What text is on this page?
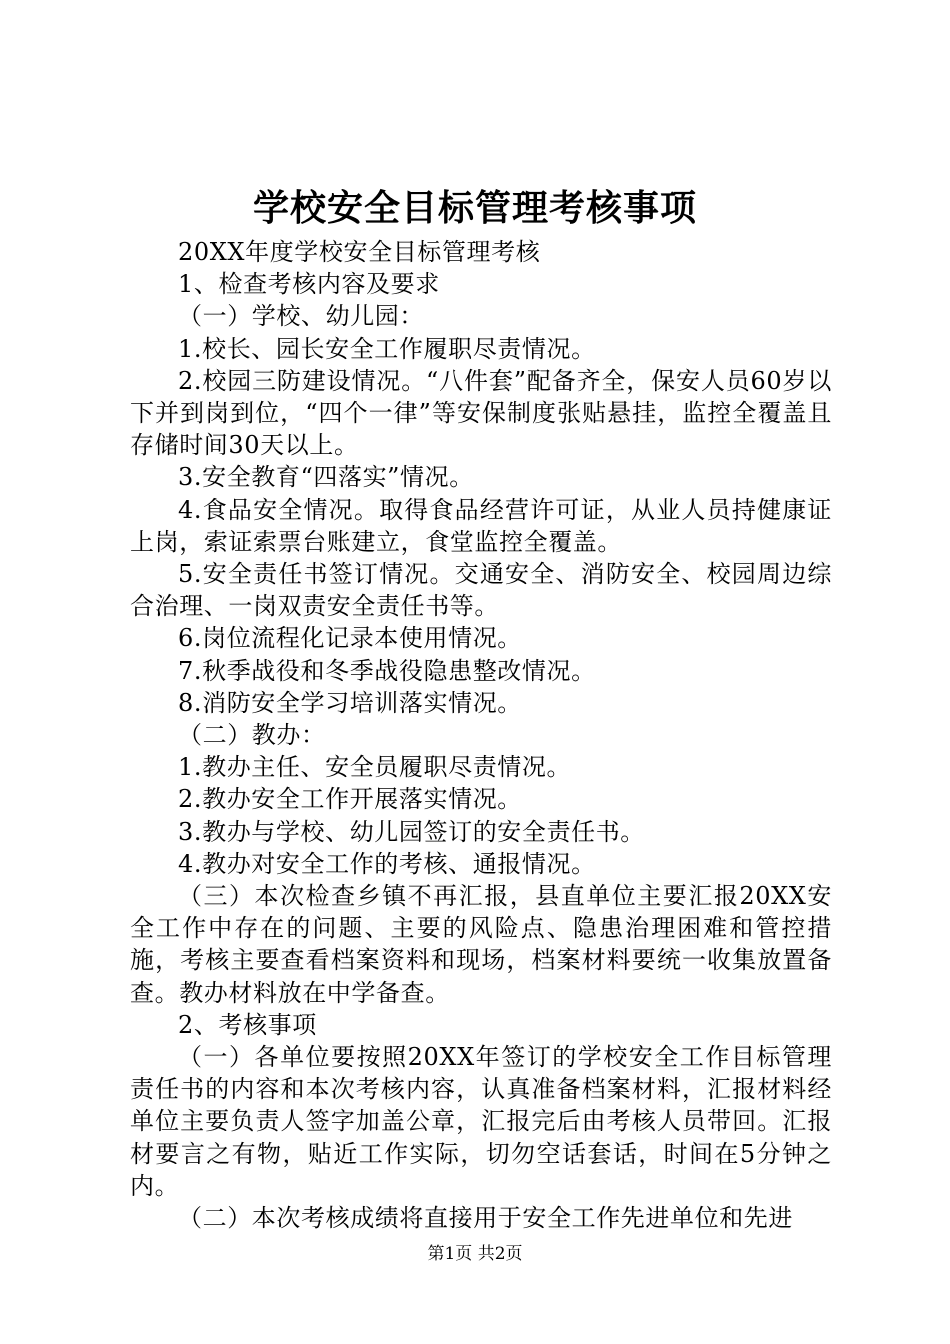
学校安全目标管理考核事项

20XX年度学校安全目标管理考核

1、检查考核内容及要求

（一）学校、幼儿园：

1.校长、园长安全工作履职尽责情况。

2.校园三防建设情况。“八件套”配备齐全，保安人员60岁以下并到岗到位，“四个一律”等安保制度张贴悬挂，监控全覆盖且存储时间30天以上。

3.安全教育“四落实”情况。

4.食品安全情况。取得食品经营许可证，从业人员持健康证上岗，索证索票台账建立，食堂监控全覆盖。

5.安全责任书签订情况。交通安全、消防安全、校园周边综合治理、一岗双责安全责任书等。

6.岗位流程化记录本使用情况。

7.秋季战役和冬季战役隐患整改情况。

8.消防安全学习培训落实情况。

（二）教办：

1.教办主任、安全员履职尽责情况。

2.教办安全工作开展落实情况。

3.教办与学校、幼儿园签订的安全责任书。

4.教办对安全工作的考核、通报情况。

（三）本次检查乡镇不再汇报，县直单位主要汇报20XX安全工作中存在的问题、主要的风险点、隐患治理困难和管控措施，考核主要查看档案资料和现场，档案材料要统一收集放置备查。教办材料放在中学备查。

2、考核事项

（一）各单位要按照20XX年签订的学校安全工作目标管理责任书的内容和本次考核内容，认真准备档案材料，汇报材料经单位主要负责人签字加盖公章，汇报完后由考核人员带回。汇报材要言之有物，贴近工作实际，切勿空话套话，时间在5分钟之内。

（二）本次考核成绩将直接用于安全工作先进单位和先进

第1页 共2页
